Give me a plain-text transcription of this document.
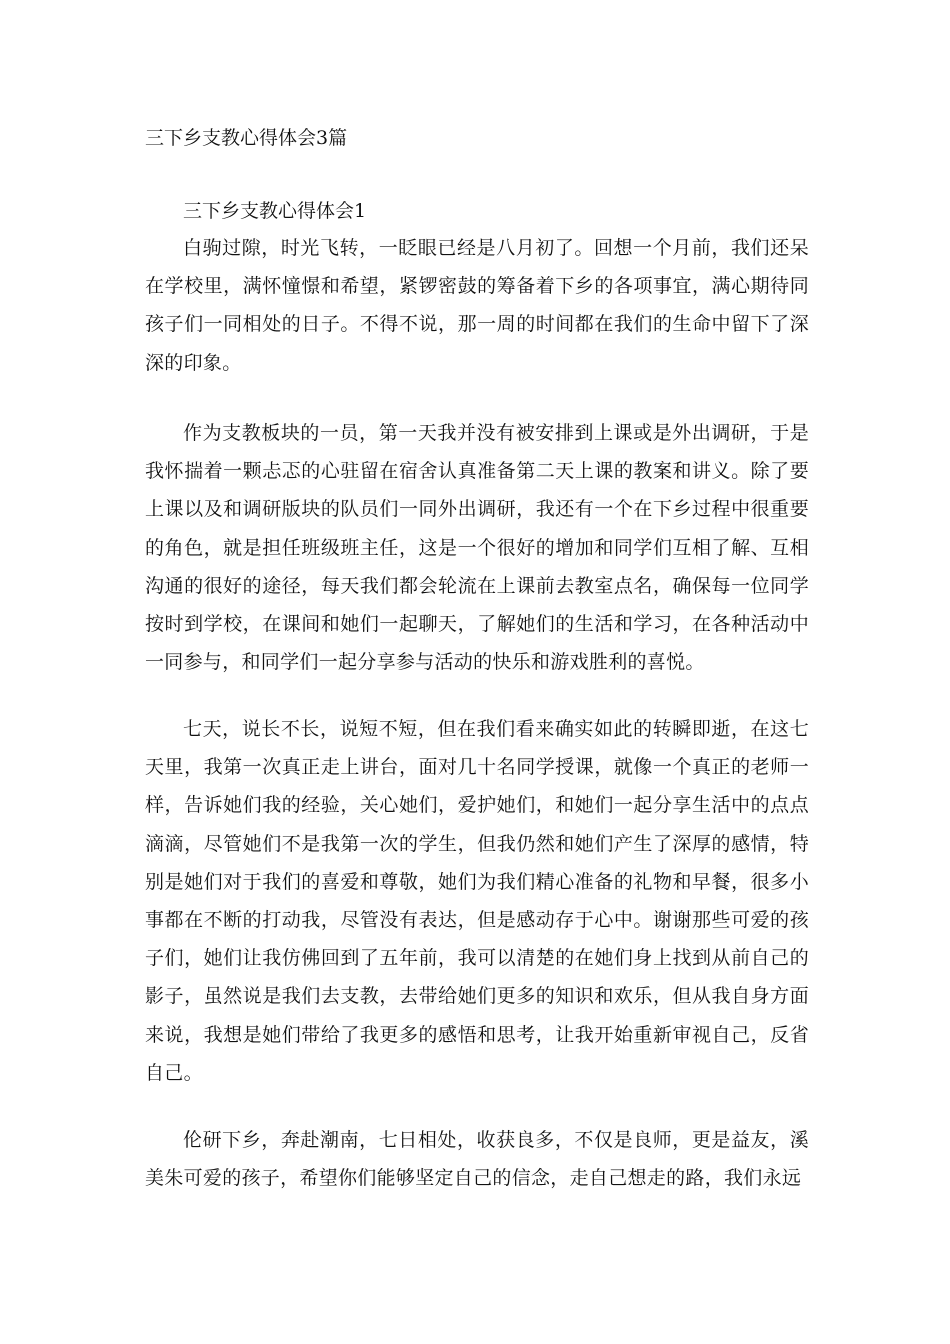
三下乡支教心得体会3篇
三下乡支教心得体会1

白驹过隙，时光飞转，一眨眼已经是八月初了。回想一个月前，我们还呆在学校里，满怀憧憬和希望，紧锣密鼓的筹备着下乡的各项事宜，满心期待同孩子们一同相处的日子。不得不说，那一周的时间都在我们的生命中留下了深深的印象。

作为支教板块的一员，第一天我并没有被安排到上课或是外出调研，于是我怀揣着一颗忐忑的心驻留在宿舍认真准备第二天上课的教案和讲义。除了要上课以及和调研版块的队员们一同外出调研，我还有一个在下乡过程中很重要的角色，就是担任班级班主任，这是一个很好的增加和同学们互相了解、互相沟通的很好的途径，每天我们都会轮流在上课前去教室点名，确保每一位同学按时到学校，在课间和她们一起聊天，了解她们的生活和学习，在各种活动中一同参与，和同学们一起分享参与活动的快乐和游戏胜利的喜悦。

七天，说长不长，说短不短，但在我们看来确实如此的转瞬即逝，在这七天里，我第一次真正走上讲台，面对几十名同学授课，就像一个真正的老师一样，告诉她们我的经验，关心她们，爱护她们，和她们一起分享生活中的点点滴滴，尽管她们不是我第一次的学生，但我仍然和她们产生了深厚的感情，特别是她们对于我们的喜爱和尊敬，她们为我们精心准备的礼物和早餐，很多小事都在不断的打动我，尽管没有表达，但是感动存于心中。谢谢那些可爱的孩子们，她们让我仿佛回到了五年前，我可以清楚的在她们身上找到从前自己的影子，虽然说是我们去支教，去带给她们更多的知识和欢乐，但从我自身方面来说，我想是她们带给了我更多的感悟和思考，让我开始重新审视自己，反省自己。

伦研下乡，奔赴潮南，七日相处，收获良多，不仅是良师，更是益友，溪美朱可爱的孩子，希望你们能够坚定自己的信念，走自己想走的路，我们永远
